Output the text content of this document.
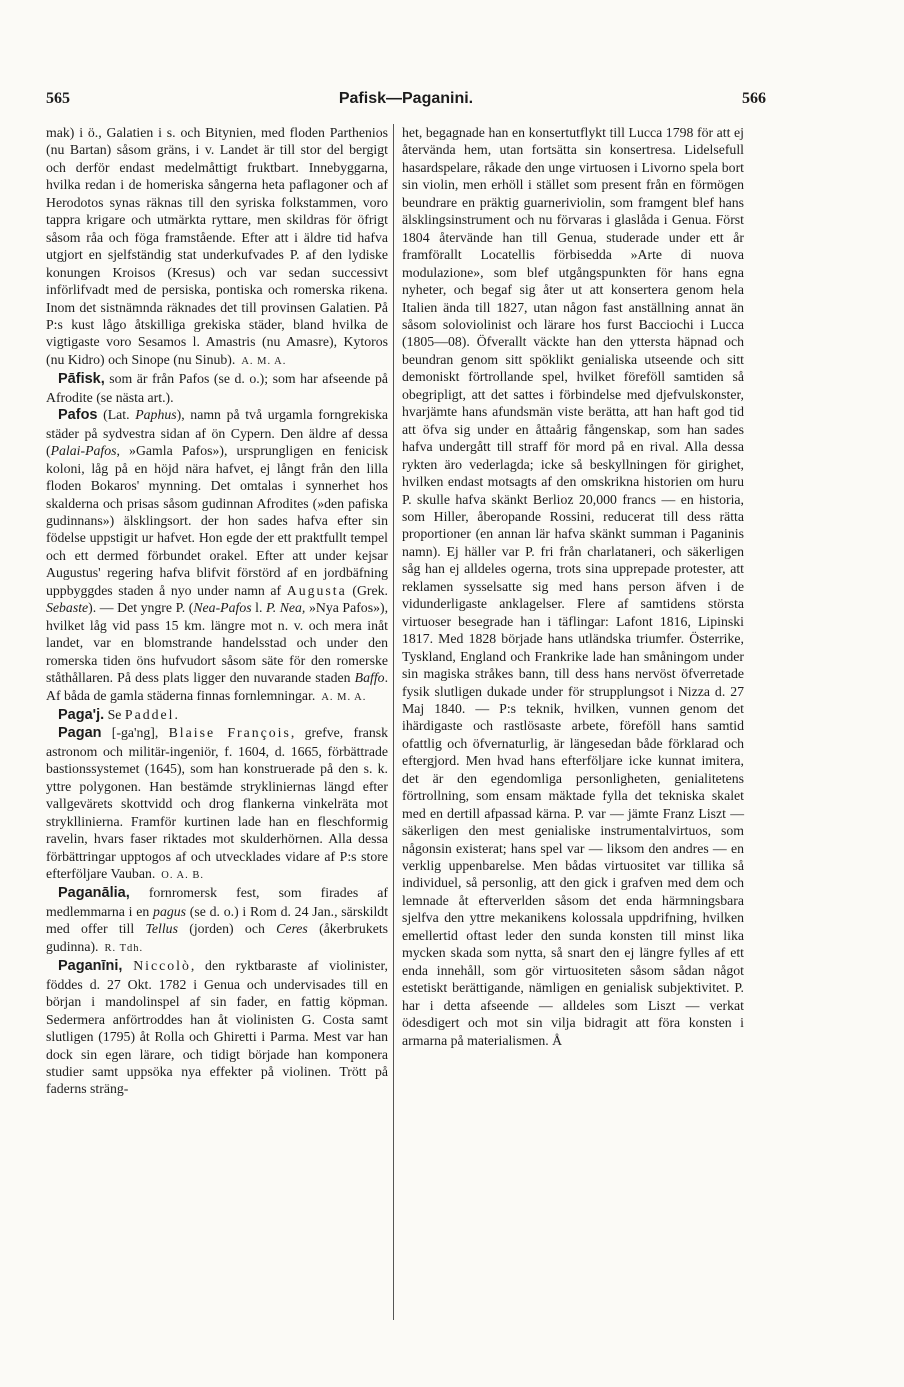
565	Pafisk—Paganini.	566

mak) i ö., Galatien i s. och Bitynien, med floden Parthenios (nu Bartan) såsom gräns, i v. Landet är till stor del bergigt och derför endast medelmåttigt fruktbart. Innebyggarna, hvilka redan i de homeriska sångerna heta paflagoner och af Herodotos synas räknas till den syriska folkstammen, voro tappra krigare och utmärkta ryttare, men skildras för öfrigt såsom råa och föga framstående. Efter att i äldre tid hafva utgjort en sjelfständig stat underkufvades P. af den lydiske konungen Kroisos (Kresus) och var sedan successivt införlifvadt med de persiska, pontiska och romerska rikena. Inom det sistnämnda räknades det till provinsen Galatien. På P:s kust lågo åtskilliga grekiska städer, bland hvilka de vigtigaste voro Sesamos l. Amastris (nu Amasre), Kytoros (nu Kidro) och Sinope (nu Sinub). A. M. A.

Pāfisk, som är från Pafos (se d. o.); som har afseende på Afrodite (se nästa art.).

Pafos (Lat. Paphus), namn på två urgamla forngrekiska städer på sydvestra sidan af ön Cypern. Den äldre af dessa (Palai-Pafos, »Gamla Pafos»), ursprungligen en fenicisk koloni, låg på en höjd nära hafvet, ej långt från den lilla floden Bokaros' mynning. Det omtalas i synnerhet hos skalderna och prisas såsom gudinnan Afrodites (»den pafiska gudinnans») älsklingsort. der hon sades hafva efter sin födelse uppstigit ur hafvet. Hon egde der ett praktfullt tempel och ett dermed förbundet orakel. Efter att under kejsar Augustus' regering hafva blifvit förstörd af en jordbäfning uppbyggdes staden å nyo under namn af Augusta (Grek. Sebaste). — Det yngre P. (Nea-Pafos l. P. Nea, »Nya Pafos»), hvilket låg vid pass 15 km. längre mot n. v. och mera inåt landet, var en blomstrande handelsstad och under den romerska tiden öns hufvudort såsom säte för den romerske ståthållaren. På dess plats ligger den nuvarande staden Baffo. Af båda de gamla städerna finnas fornlemningar. A. M. A.

Paga'j. Se Paddel.

Pagan [-ga'ng], Blaise François, grefve, fransk astronom och militär-ingeniör, f. 1604, d. 1665, förbättrade bastionssystemet (1645), som han konstruerade på den s. k. yttre polygonen. Han bestämde strykliniernas längd efter vallgevärets skottvidd och drog flankerna vinkelräta mot strykllinierna. Framför kurtinen lade han en fleschformig ravelin, hvars faser riktades mot skulderhörnen. Alla dessa förbättringar upptogos af och utvecklades vidare af P:s store efterföljare Vauban. O. A. B.

Paganālia, fornromersk fest, som firades af medlemmarna i en pagus (se d. o.) i Rom d. 24 Jan., särskildt med offer till Tellus (jorden) och Ceres (åkerbrukets gudinna). R. Tdh.

Paganīni, Niccolò, den ryktbaraste af violinister, föddes d. 27 Okt. 1782 i Genua och undervisades till en början i mandolinspel af sin fader, en fattig köpman. Sedermera anförtroddes han åt violinisten G. Costa samt slutligen (1795) åt Rolla och Ghiretti i Parma. Mest var han dock sin egen lärare, och tidigt började han komponera studier samt uppsöka nya effekter på violinen. Trött på faderns sträng-

het, begagnade han en konsertutflykt till Lucca 1798 för att ej återvända hem, utan fortsätta sin konsertresa. Lidelsefull hasardspelare, råkade den unge virtuosen i Livorno spela bort sin violin, men erhöll i stället som present från en förmögen beundrare en präktig guarneriviolin, som framgent blef hans älsklingsinstrument och nu förvaras i glaslåda i Genua. Först 1804 återvände han till Genua, studerade under ett år framförallt Locatellis förbisedda »Arte di nuova modulazione», som blef utgångspunkten för hans egna nyheter, och begaf sig åter ut att konsertera genom hela Italien ända till 1827, utan någon fast anställning annat än såsom soloviolinist och lärare hos furst Bacciochi i Lucca (1805—08). Öfverallt väckte han den yttersta häpnad och beundran genom sitt spöklikt genialiska utseende och sitt demoniskt förtrollande spel, hvilket föreföll samtiden så obegripligt, att det sattes i förbindelse med djefvulskonster, hvarjämte hans afundsmän viste berätta, att han haft god tid att öfva sig under en åttaårig fångenskap, som han sades hafva undergått till straff för mord på en rival. Alla dessa rykten äro vederlagda; icke så beskyllningen för girighet, hvilken endast motsagts af den omskrikna historien om huru P. skulle hafva skänkt Berlioz 20,000 francs — en historia, som Hiller, åberopande Rossini, reducerat till dess rätta proportioner (en annan lär hafva skänkt summan i Paganinis namn). Ej häller var P. fri från charlataneri, och säkerligen såg han ej alldeles ogerna, trots sina upprepade protester, att reklamen sysselsatte sig med hans person äfven i de vidunderligaste anklagelser. Flere af samtidens största virtuoser besegrade han i täflingar: Lafont 1816, Lipinski 1817. Med 1828 började hans utländska triumfer. Österrike, Tyskland, England och Frankrike lade han småningom under sin magiska stråkes bann, till dess hans nervöst öfverretade fysik slutligen dukade under för strupplungsot i Nizza d. 27 Maj 1840. — P:s teknik, hvilken, vunnen genom det ihärdigaste och rastlösaste arbete, föreföll hans samtid ofattlig och öfvernaturlig, är längesedan både förklarad och eftergjord. Men hvad hans efterföljare icke kunnat imitera, det är den egendomliga personligheten, genialitetens förtrollning, som ensam mäktade fylla det tekniska skalet med en dertill afpassad kärna. P. var — jämte Franz Liszt — säkerligen den mest genialiske instrumentalvirtuos, som någonsin existerat; hans spel var — liksom den andres — en verklig uppenbarelse. Men bådas virtuositet var tillika så individuel, så personlig, att den gick i grafven med dem och lemnade åt efterverlden såsom det enda härmningsbara sjelfva den yttre mekanikens kolossala uppdrifning, hvilken emellertid oftast leder den sunda konsten till minst lika mycken skada som nytta, så snart den ej längre fylles af ett enda innehåll, som gör virtuositeten såsom sådan något estetiskt berättigande, nämligen en genialisk subjektivitet. P. har i detta afseende — alldeles som Liszt — verkat ödesdigert och mot sin vilja bidragit att föra konsten i armarna på materialismen. Å
